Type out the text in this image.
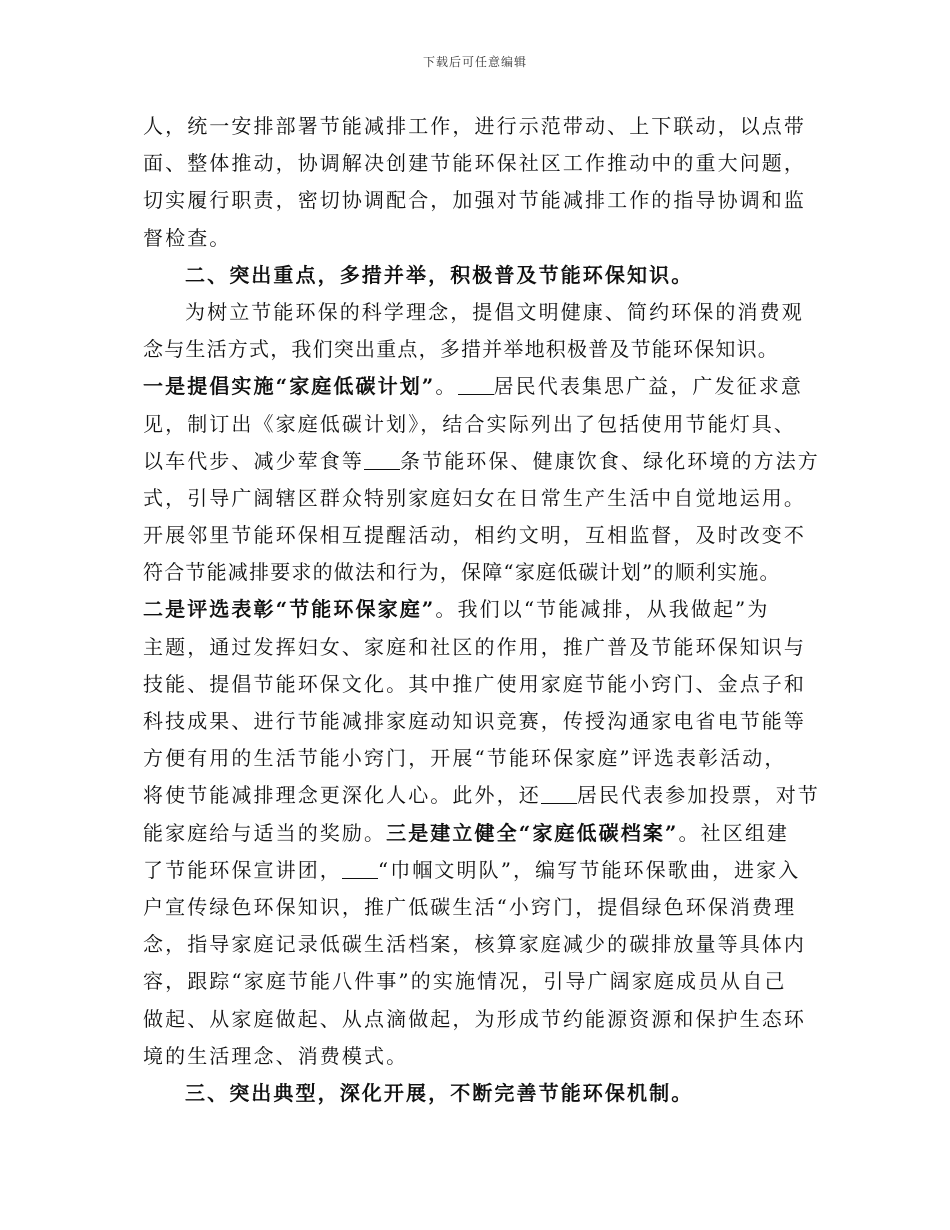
下载后可任意编辑
人，统一安排部署节能减排工作，进行示范带动、上下联动，以点带
面、整体推动，协调解决创建节能环保社区工作推动中的重大问题，
切实履行职责，密切协调配合，加强对节能减排工作的指导协调和监
督检查。
二、突出重点，多措并举，积极普及节能环保知识。
为树立节能环保的科学理念，提倡文明健康、简约环保的消费观
念与生活方式，我们突出重点，多措并举地积极普及节能环保知识。
一是提倡实施“家庭低碳计划”。 居民代表集思广益，广发征求意
见，制订出《家庭低碳计划》，结合实际列出了包括使用节能灯具、
以车代步、减少荤食等 条节能环保、健康饮食、绿化环境的方法方
式，引导广阔辖区群众特别家庭妇女在日常生产生活中自觉地运用。
开展邻里节能环保相互提醒活动，相约文明，互相监督，及时改变不
符合节能减排要求的做法和行为，保障“家庭低碳计划”的顺利实施。
二是评选表彰“节能环保家庭”。我们以“节能减排，从我做起”为
主题，通过发挥妇女、家庭和社区的作用，推广普及节能环保知识与
技能、提倡节能环保文化。其中推广使用家庭节能小窍门、金点子和
科技成果、进行节能减排家庭动知识竞赛，传授沟通家电省电节能等
方便有用的生活节能小窍门，开展“节能环保家庭”评选表彰活动，
将使节能减排理念更深化人心。此外，还 居民代表参加投票，对节
能家庭给与适当的奖励。三是建立健全“家庭低碳档案”。社区组建
了节能环保宣讲团， “巾帼文明队”，编写节能环保歌曲，进家入
户宣传绿色环保知识，推广低碳生活“小窍门，提倡绿色环保消费理
念，指导家庭记录低碳生活档案，核算家庭减少的碳排放量等具体内
容，跟踪“家庭节能八件事”的实施情况，引导广阔家庭成员从自己
做起、从家庭做起、从点滴做起，为形成节约能源资源和保护生态环
境的生活理念、消费模式。
三、突出典型，深化开展，不断完善节能环保机制。
